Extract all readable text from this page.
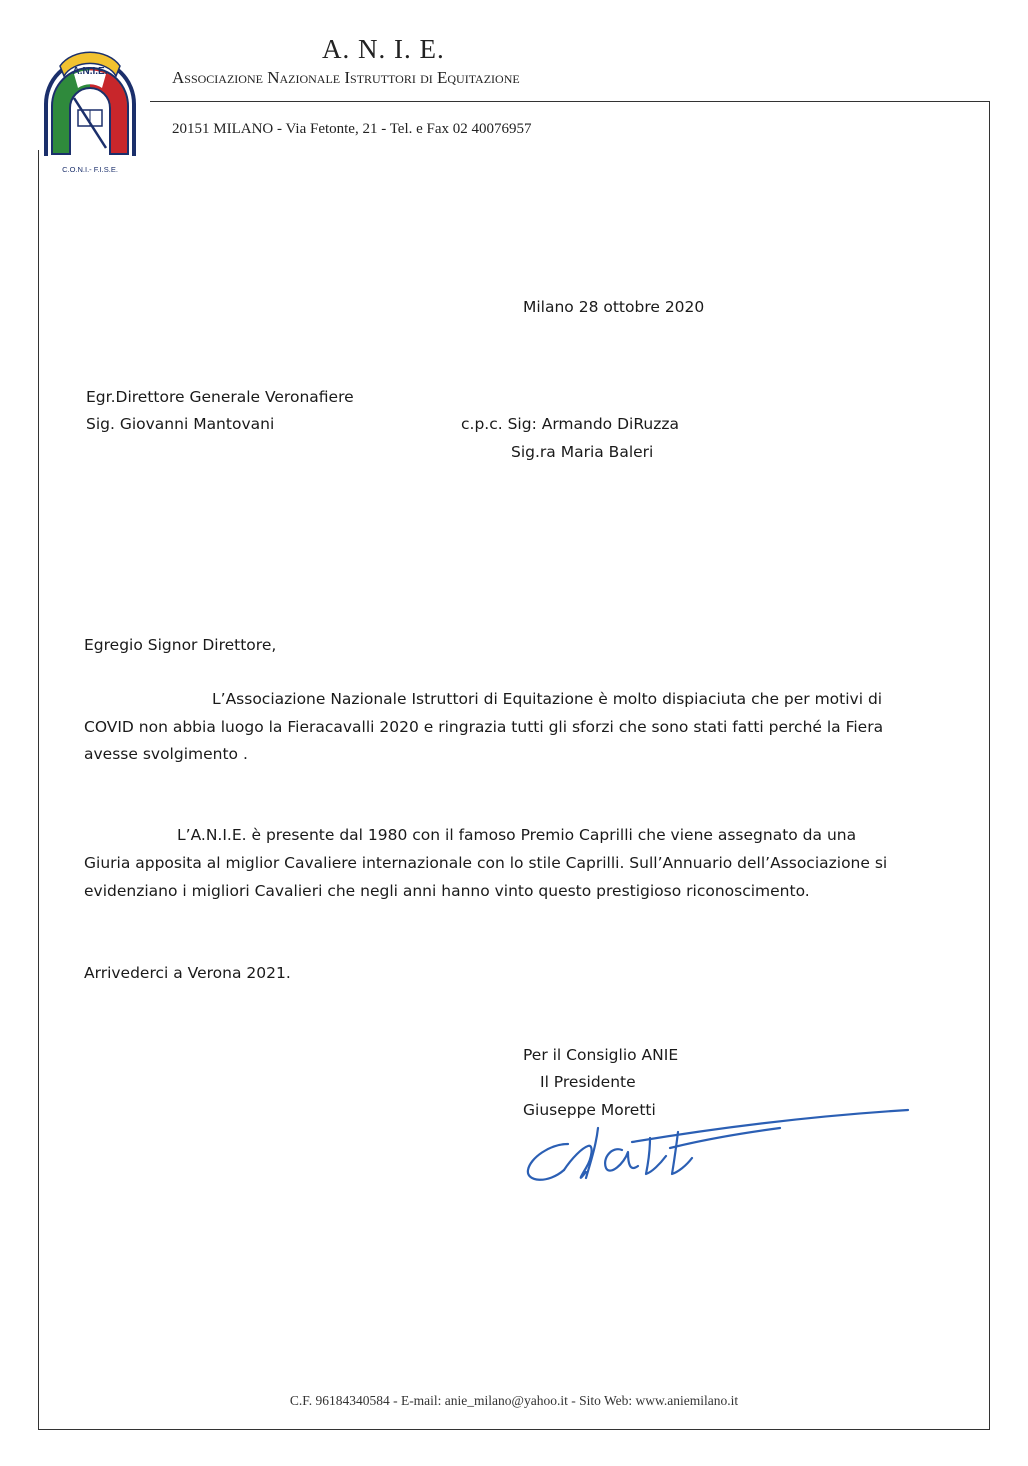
A.N.I.E.
C.O.N.I.- F.I.S.E.
A. N. I. E.
Associazione Nazionale Istruttori di Equitazione
20151 MILANO - Via Fetonte, 21 - Tel. e Fax 02 40076957
Milano 28 ottobre 2020
Egr.Direttore Generale Veronafiere
Sig. Giovanni Mantovani	c.p.c. Sig: Armando DiRuzza
Sig.ra Maria Baleri
Egregio Signor Direttore,
L’Associazione Nazionale Istruttori di Equitazione è molto dispiaciuta che per motivi di
COVID non abbia luogo la Fieracavalli 2020 e ringrazia tutti gli sforzi che sono stati fatti perché la Fiera
avesse svolgimento .
L’A.N.I.E. è presente dal 1980 con il famoso Premio Caprilli che viene assegnato da una
Giuria apposita al miglior Cavaliere internazionale con lo stile Caprilli. Sull’Annuario dell’Associazione si
evidenziano i migliori Cavalieri che negli anni hanno vinto questo prestigioso riconoscimento.
Arrivederci a Verona 2021.
Per il Consiglio ANIE
Il Presidente
Giuseppe Moretti
C.F. 96184340584 - E-mail: anie_milano@yahoo.it - Sito Web: www.aniemilano.it
